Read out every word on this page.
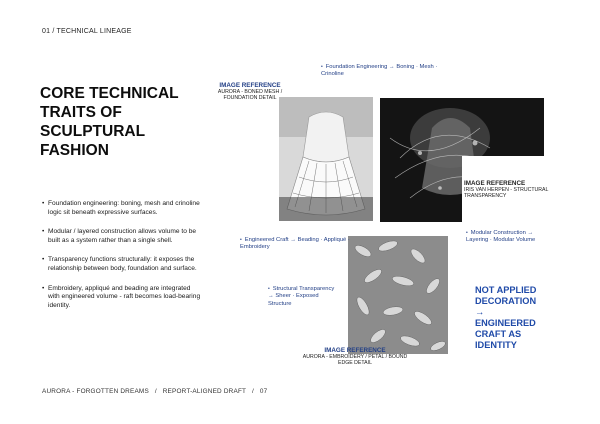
01 / TECHNICAL LINEAGE
CORE TECHNICAL TRAITS OF SCULPTURAL FASHION
• Foundation engineering: boning, mesh and crinoline logic sit beneath expressive surfaces.
• Modular / layered construction allows volume to be built as a system rather than a single shell.
• Transparency functions structurally: it exposes the relationship between body, foundation and surface.
• Embroidery, appliqué and beading are integrated with engineered volume - raft becomes load-bearing identity.
IMAGE REFERENCE
AURORA - BONED MESH / FOUNDATION DETAIL
IMAGE REFERENCE
IRIS VAN HERPEN - STRUCTURAL TRANSPARENCY
IMAGE REFERENCE
AURORA - EMBROIDERY / PETAL / BOUND EDGE DETAIL
• Foundation Engineering → Boning · Mesh · Crinoline
• Engineered Craft → Beading · Appliqué · Embroidery
• Structural Transparency → Sheer · Exposed Structure
• Modular Construction → Layering · Modular Volume
NOT APPLIED DECORATION
→
ENGINEERED CRAFT AS IDENTITY
AURORA - FORGOTTEN DREAMS   /   REPORT-ALIGNED DRAFT   /   07
